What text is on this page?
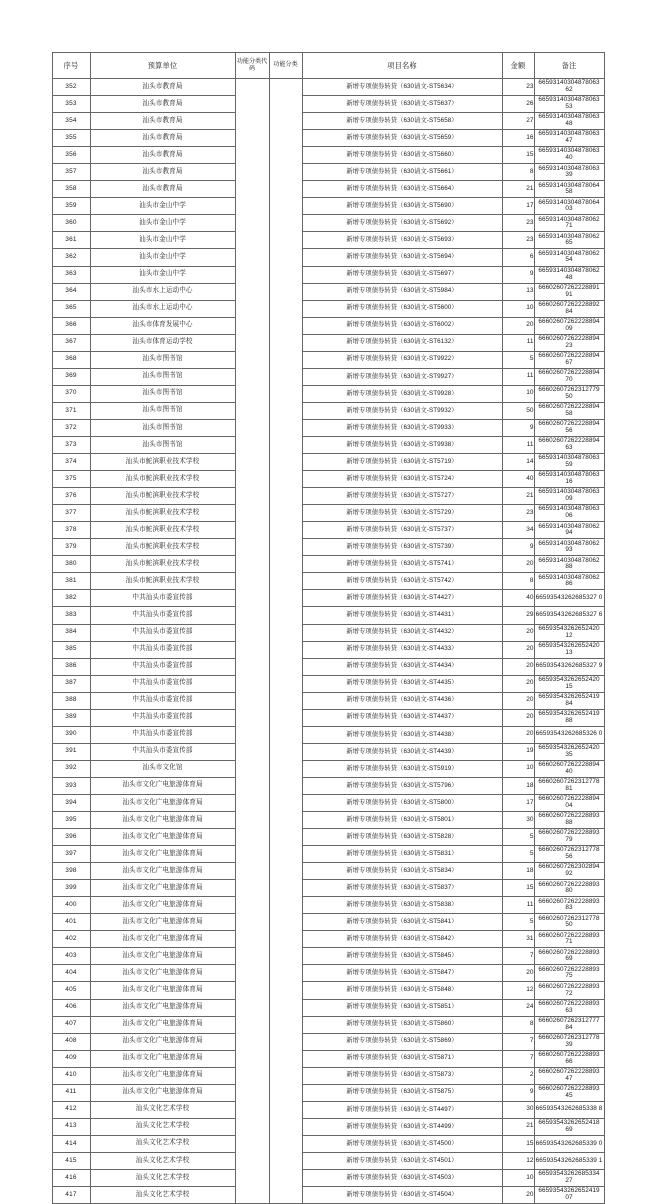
序号	预算单位	功能分类代码	功能分类	项目名称	金额	备注
352	汕头市教育局			新增专项债券转贷（630请文-ST5634）	23	66593140304878063 62
353	汕头市教育局			新增专项债券转贷（630请文-ST5637）	26	66593140304878063 53
354	汕头市教育局			新增专项债券转贷（630请文-ST5658）	27	66593140304878063 48
355	汕头市教育局			新增专项债券转贷（630请文-ST5659）	16	66593140304878063 47
356	汕头市教育局			新增专项债券转贷（630请文-ST5660）	15	66593140304878063 40
357	汕头市教育局			新增专项债券转贷（630请文-ST5661）	8	66593140304878063 39
358	汕头市教育局			新增专项债券转贷（630请文-ST5664）	21	66593140304878064 58
359	汕头市金山中学			新增专项债券转贷（630请文-ST5690）	17	66593140304878064 03
360	汕头市金山中学			新增专项债券转贷（630请文-ST5692）	23	66593140304878062 71
361	汕头市金山中学			新增专项债券转贷（630请文-ST5693）	23	66593140304878062 65
362	汕头市金山中学			新增专项债券转贷（630请文-ST5694）	6	66593140304878062 54
363	汕头市金山中学			新增专项债券转贷（630请文-ST5697）	9	66593140304878062 48
364	汕头市水上运动中心			新增专项债券转贷（630请文-ST5984）	13	66602607262228891 91
365	汕头市水上运动中心			新增专项债券转贷（630请文-ST5600）	10	66602607262228892 84
366	汕头市体育发展中心			新增专项债券转贷（630请文-ST6002）	20	66602607262228894 09
367	汕头市体育运动学校			新增专项债券转贷（630请文-ST6132）	11	66602607262228894 23
368	汕头市图书馆			新增专项债券转贷（630请文-ST9922）	5	66602607262228894 67
369	汕头市图书馆			新增专项债券转贷（630请文-ST9927）	11	66602607262228894 70
370	汕头市图书馆			新增专项债券转贷（630请文-ST9928）	10	66602607262312779 50
371	汕头市图书馆			新增专项债券转贷（630请文-ST9932）	50	66602607262228894 58
372	汕头市图书馆			新增专项债券转贷（630请文-ST9933）	9	66602607262228894 56
373	汕头市图书馆			新增专项债券转贷（630请文-ST9938）	11	66602607262228894 63
374	汕头市鮀滨职业技术学校			新增专项债券转贷（630请文-ST5719）	14	66593140304878063 59
375	汕头市鮀滨职业技术学校			新增专项债券转贷（630请文-ST5724）	40	66593140304878063 16
376	汕头市鮀滨职业技术学校			新增专项债券转贷（630请文-ST5727）	21	66593140304878063 09
377	汕头市鮀滨职业技术学校			新增专项债券转贷（630请文-ST5729）	23	66593140304878063 06
378	汕头市鮀滨职业技术学校			新增专项债券转贷（630请文-ST5737）	34	66593140304878062 94
379	汕头市鮀滨职业技术学校			新增专项债券转贷（630请文-ST5739）	9	66593140304878062 93
380	汕头市鮀滨职业技术学校			新增专项债券转贷（630请文-ST5741）	20	66593140304878062 88
381	汕头市鮀滨职业技术学校			新增专项债券转贷（630请文-ST5742）	8	66593140304878062 86
382	中共汕头市委宣传部			新增专项债券转贷（630请文-ST4427）	40	66593543262685327 0
383	中共汕头市委宣传部			新增专项债券转贷（630请文-ST4431）	29	66593543262685327 6
384	中共汕头市委宣传部			新增专项债券转贷（630请文-ST4432）	20	66593543262652420 12
385	中共汕头市委宣传部			新增专项债券转贷（630请文-ST4433）	20	66593543262652420 13
386	中共汕头市委宣传部			新增专项债券转贷（630请文-ST4434）	20	66593543262685327 9
387	中共汕头市委宣传部			新增专项债券转贷（630请文-ST4435）	20	66593543262652420 15
388	中共汕头市委宣传部			新增专项债券转贷（630请文-ST4436）	20	66593543262652419 84
389	中共汕头市委宣传部			新增专项债券转贷（630请文-ST4437）	20	66593543262652419 88
390	中共汕头市委宣传部			新增专项债券转贷（630请文-ST4438）	20	66593543262685326 0
391	中共汕头市委宣传部			新增专项债券转贷（630请文-ST4439）	19	66593543262652420 35
392	汕头市文化馆			新增专项债券转贷（630请文-ST5919）	10	66602607262228894 40
393	汕头市文化广电旅游体育局			新增专项债券转贷（630请文-ST5796）	18	66602607262312778 81
394	汕头市文化广电旅游体育局			新增专项债券转贷（630请文-ST5800）	17	66602607262228894 04
395	汕头市文化广电旅游体育局			新增专项债券转贷（630请文-ST5801）	30	66602607262228893 88
396	汕头市文化广电旅游体育局			新增专项债券转贷（630请文-ST5828）	5	66602607262228893 79
397	汕头市文化广电旅游体育局			新增专项债券转贷（630请文-ST5831）	5	66602607262312778 56
398	汕头市文化广电旅游体育局			新增专项债券转贷（630请文-ST5834）	18	66602607262302894 92
399	汕头市文化广电旅游体育局			新增专项债券转贷（630请文-ST5837）	15	66602607262228893 80
400	汕头市文化广电旅游体育局			新增专项债券转贷（630请文-ST5838）	11	66602607262228893 83
401	汕头市文化广电旅游体育局			新增专项债券转贷（630请文-ST5841）	5	66602607262312778 50
402	汕头市文化广电旅游体育局			新增专项债券转贷（630请文-ST5842）	31	66602607262228893 71
403	汕头市文化广电旅游体育局			新增专项债券转贷（630请文-ST5845）	7	66602607262228893 69
404	汕头市文化广电旅游体育局			新增专项债券转贷（630请文-ST5847）	20	66602607262228893 75
405	汕头市文化广电旅游体育局			新增专项债券转贷（630请文-ST5848）	12	66602607262228893 72
406	汕头市文化广电旅游体育局			新增专项债券转贷（630请文-ST5851）	24	66602607262228893 63
407	汕头市文化广电旅游体育局			新增专项债券转贷（630请文-ST5860）	8	66602607262312777 84
408	汕头市文化广电旅游体育局			新增专项债券转贷（630请文-ST5869）	7	66602607262312778 39
409	汕头市文化广电旅游体育局			新增专项债券转贷（630请文-ST5871）	7	66602607262228893 66
410	汕头市文化广电旅游体育局			新增专项债券转贷（630请文-ST5873）	2	66602607262228893 47
411	汕头市文化广电旅游体育局			新增专项债券转贷（630请文-ST5875）	9	66602607262228893 45
412	汕头文化艺术学校			新增专项债券转贷（630请文-ST4497）	30	66593543262685338 8
413	汕头文化艺术学校			新增专项债券转贷（630请文-ST4499）	21	66593543262652418 69
414	汕头文化艺术学校			新增专项债券转贷（630请文-ST4500）	15	66593543262685339 0
415	汕头文化艺术学校			新增专项债券转贷（630请文-ST4501）	12	66593543262685339 1
416	汕头文化艺术学校			新增专项债券转贷（630请文-ST4503）	10	66593543262685334 27
417	汕头文化艺术学校			新增专项债券转贷（630请文-ST4504）	20	66593543262652419 07
